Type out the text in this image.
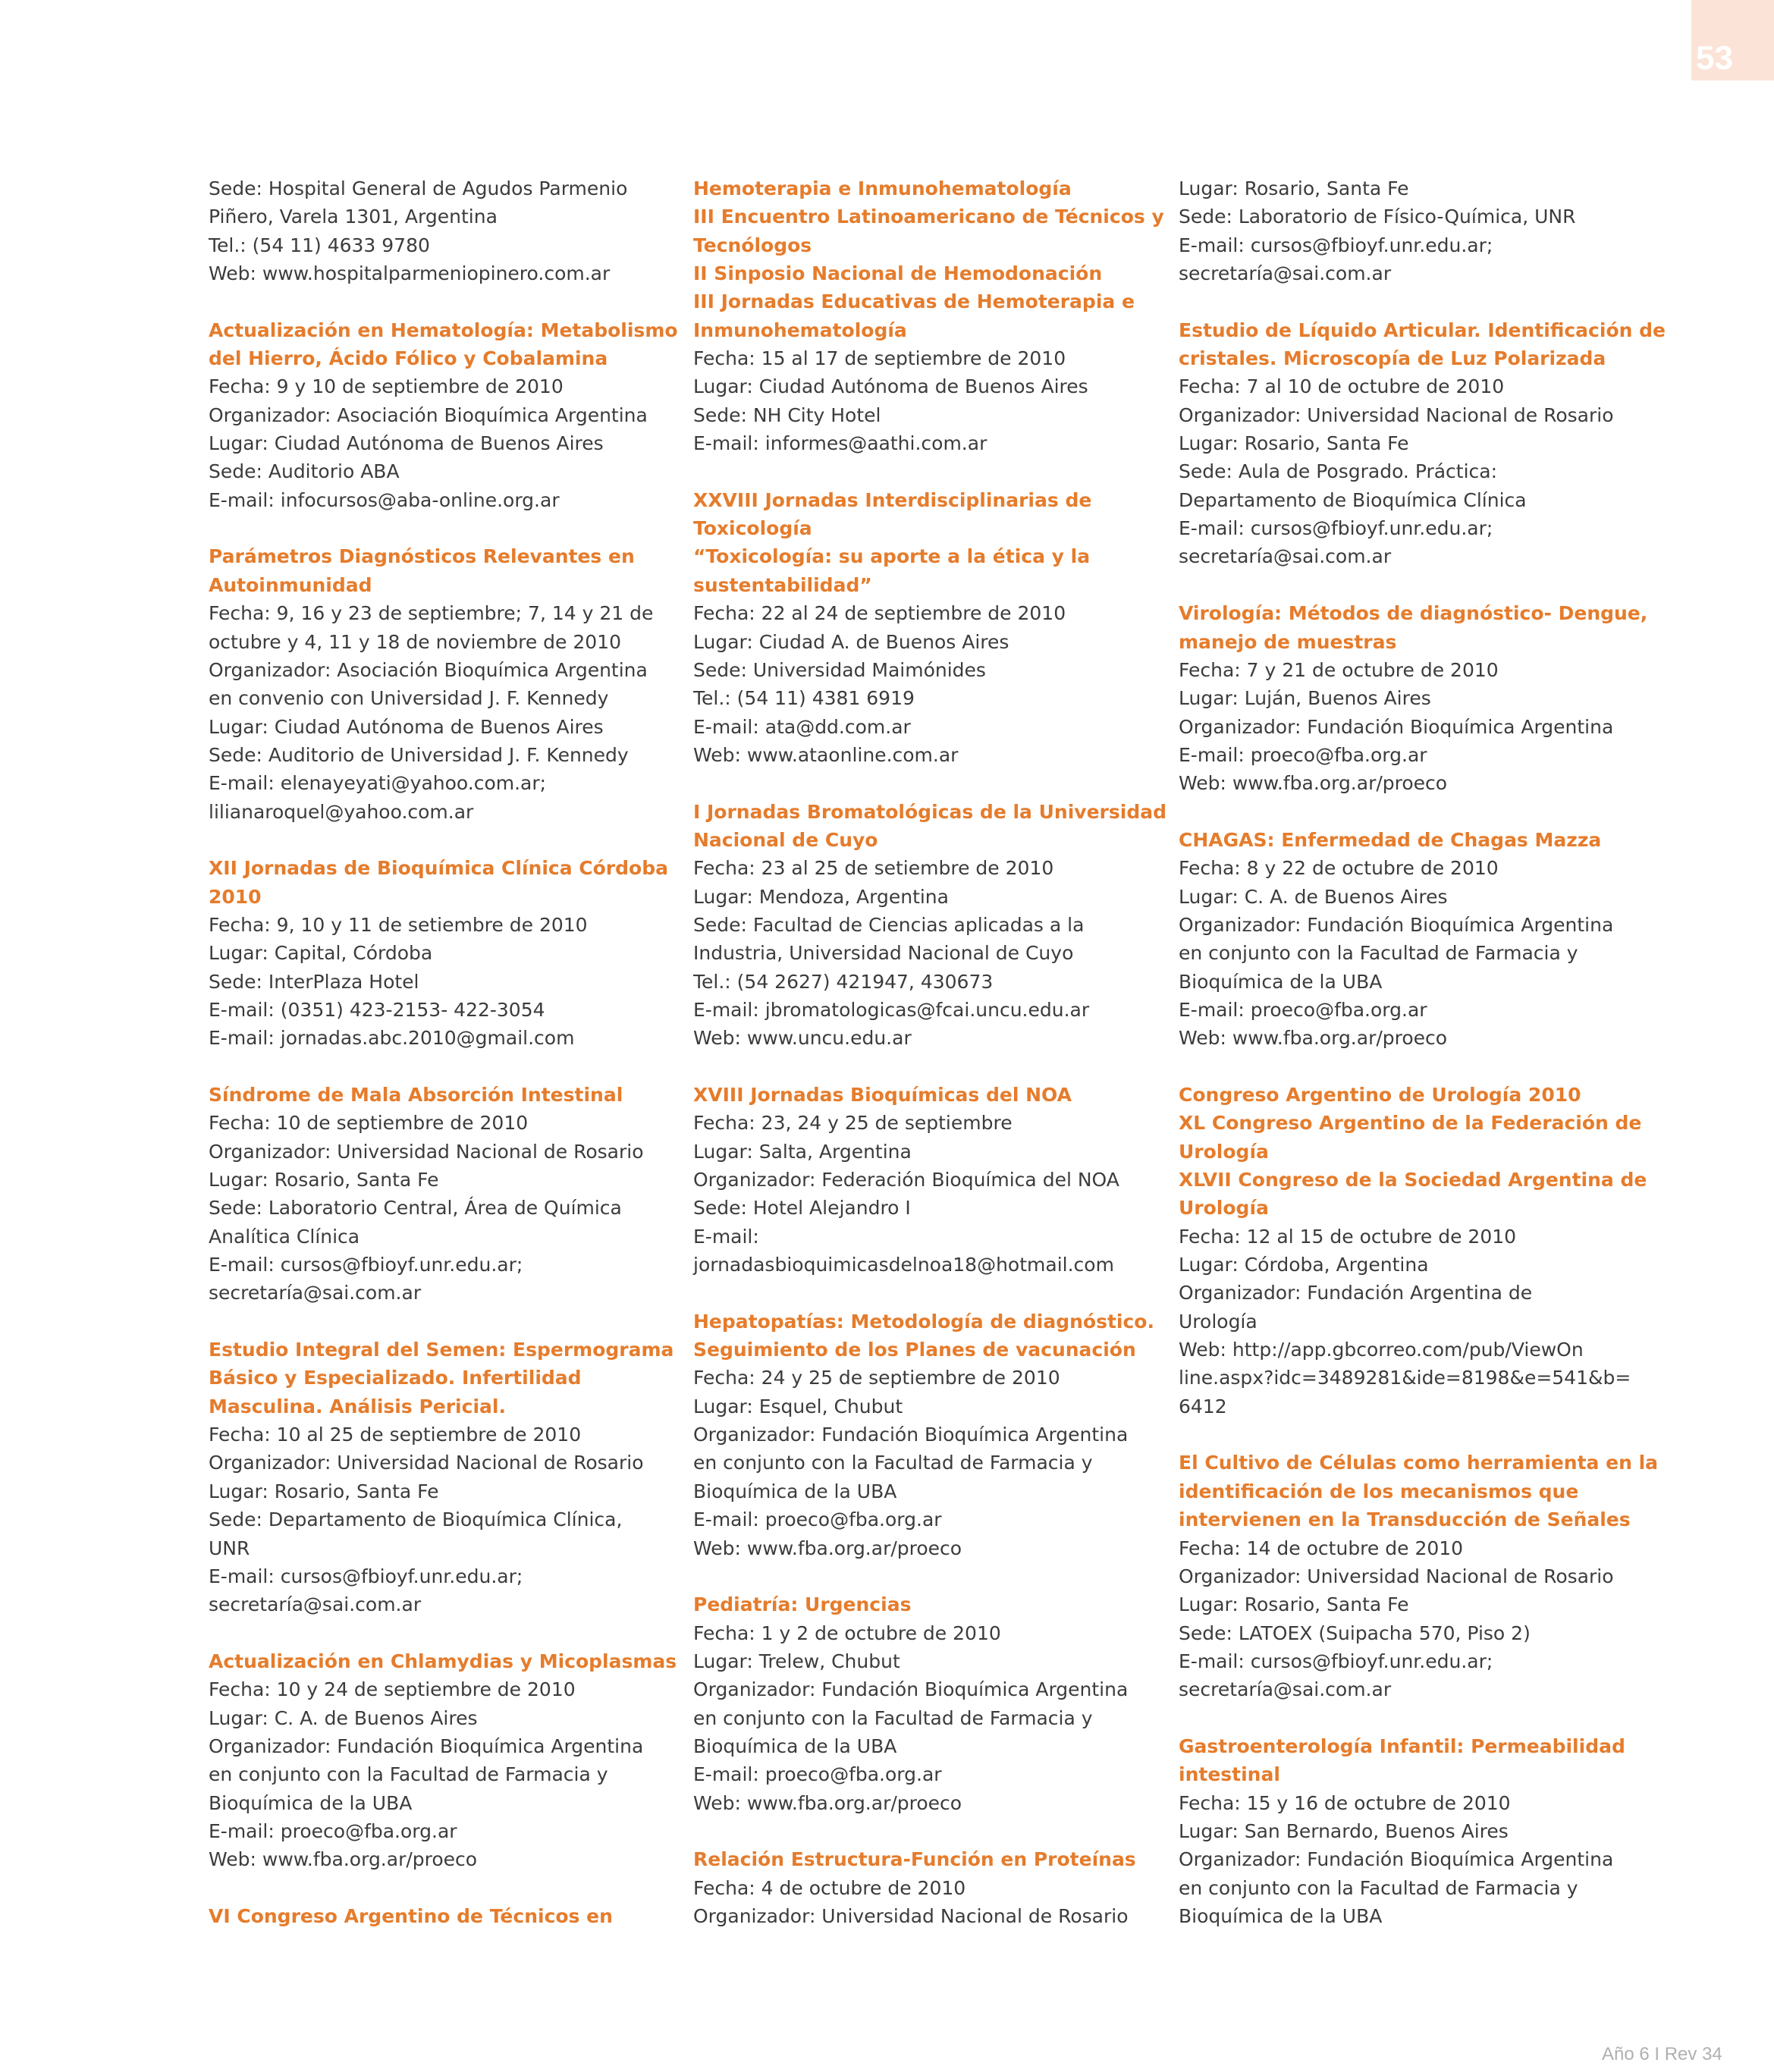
53
Sede: Hospital General de Agudos Parmenio
Piñero, Varela 1301, Argentina
Tel.: (54 11) 4633 9780
Web: www.hospitalparmeniopinero.com.ar
Actualización en Hematología: Metabolismo
del Hierro, Ácido Fólico y Cobalamina
Fecha: 9 y 10 de septiembre de 2010
Organizador: Asociación Bioquímica Argentina
Lugar: Ciudad Autónoma de Buenos Aires
Sede: Auditorio ABA
E-mail: infocursos@aba-online.org.ar
Parámetros Diagnósticos Relevantes en
Autoinmunidad
Fecha: 9, 16 y 23 de septiembre; 7, 14 y 21 de
octubre y 4, 11 y 18 de noviembre de 2010
Organizador: Asociación Bioquímica Argentina
en convenio con Universidad J. F. Kennedy
Lugar: Ciudad Autónoma de Buenos Aires
Sede: Auditorio de Universidad J. F. Kennedy
E-mail: elenayeyati@yahoo.com.ar;
lilianaroquel@yahoo.com.ar
XII Jornadas de Bioquímica Clínica Córdoba
2010
Fecha: 9, 10 y 11 de setiembre de 2010
Lugar: Capital, Córdoba
Sede: InterPlaza Hotel
E-mail: (0351) 423-2153- 422-3054
E-mail: jornadas.abc.2010@gmail.com
Síndrome de Mala Absorción Intestinal
Fecha: 10 de septiembre de 2010
Organizador: Universidad Nacional de Rosario
Lugar: Rosario, Santa Fe
Sede: Laboratorio Central, Área de Química
Analítica Clínica
E-mail: cursos@fbioyf.unr.edu.ar;
secretaría@sai.com.ar
Estudio Integral del Semen: Espermograma
Básico y Especializado. Infertilidad
Masculina. Análisis Pericial.
Fecha: 10 al 25 de septiembre de 2010
Organizador: Universidad Nacional de Rosario
Lugar: Rosario, Santa Fe
Sede: Departamento de Bioquímica Clínica,
UNR
E-mail: cursos@fbioyf.unr.edu.ar;
secretaría@sai.com.ar
Actualización en Chlamydias y Micoplasmas
Fecha: 10 y 24 de septiembre de 2010
Lugar: C. A. de Buenos Aires
Organizador: Fundación Bioquímica Argentina
en conjunto con la Facultad de Farmacia y
Bioquímica de la UBA
E-mail: proeco@fba.org.ar
Web: www.fba.org.ar/proeco
VI Congreso Argentino de Técnicos en
Hemoterapia e Inmunohematología
III Encuentro Latinoamericano de Técnicos y
Tecnólogos
II Sinposio Nacional de Hemodonación
III Jornadas Educativas de Hemoterapia e
Inmunohematología
Fecha: 15 al 17 de septiembre de 2010
Lugar: Ciudad Autónoma de Buenos Aires
Sede: NH City Hotel
E-mail: informes@aathi.com.ar
XXVIII Jornadas Interdisciplinarias de
Toxicología
“Toxicología: su aporte a la ética y la
sustentabilidad”
Fecha: 22 al 24 de septiembre de 2010
Lugar: Ciudad A. de Buenos Aires
Sede: Universidad Maimónides
Tel.: (54 11) 4381 6919
E-mail: ata@dd.com.ar
Web: www.ataonline.com.ar
I Jornadas Bromatológicas de la Universidad
Nacional de Cuyo
Fecha: 23 al 25 de setiembre de 2010
Lugar: Mendoza, Argentina
Sede: Facultad de Ciencias aplicadas a la
Industria, Universidad Nacional de Cuyo
Tel.: (54 2627) 421947, 430673
E-mail: jbromatologicas@fcai.uncu.edu.ar
Web: www.uncu.edu.ar
XVIII Jornadas Bioquímicas del NOA
Fecha: 23, 24 y 25 de septiembre
Lugar: Salta, Argentina
Organizador: Federación Bioquímica del NOA
Sede: Hotel Alejandro I
E-mail:
jornadasbioquimicasdelnoa18@hotmail.com
Hepatopatías: Metodología de diagnóstico.
Seguimiento de los Planes de vacunación
Fecha: 24 y 25 de septiembre de 2010
Lugar: Esquel, Chubut
Organizador: Fundación Bioquímica Argentina
en conjunto con la Facultad de Farmacia y
Bioquímica de la UBA
E-mail: proeco@fba.org.ar
Web: www.fba.org.ar/proeco
Pediatría: Urgencias
Fecha: 1 y 2 de octubre de 2010
Lugar: Trelew, Chubut
Organizador: Fundación Bioquímica Argentina
en conjunto con la Facultad de Farmacia y
Bioquímica de la UBA
E-mail: proeco@fba.org.ar
Web: www.fba.org.ar/proeco
Relación Estructura-Función en Proteínas
Fecha: 4 de octubre de 2010
Organizador: Universidad Nacional de Rosario
Lugar: Rosario, Santa Fe
Sede: Laboratorio de Físico-Química, UNR
E-mail: cursos@fbioyf.unr.edu.ar;
secretaría@sai.com.ar
Estudio de Líquido Articular. Identificación de
cristales. Microscopía de Luz Polarizada
Fecha: 7 al 10 de octubre de 2010
Organizador: Universidad Nacional de Rosario
Lugar: Rosario, Santa Fe
Sede: Aula de Posgrado. Práctica:
Departamento de Bioquímica Clínica
E-mail: cursos@fbioyf.unr.edu.ar;
secretaría@sai.com.ar
Virología: Métodos de diagnóstico- Dengue,
manejo de muestras
Fecha: 7 y 21 de octubre de 2010
Lugar: Luján, Buenos Aires
Organizador: Fundación Bioquímica Argentina
E-mail: proeco@fba.org.ar
Web: www.fba.org.ar/proeco
CHAGAS: Enfermedad de Chagas Mazza
Fecha: 8 y 22 de octubre de 2010
Lugar: C. A. de Buenos Aires
Organizador: Fundación Bioquímica Argentina
en conjunto con la Facultad de Farmacia y
Bioquímica de la UBA
E-mail: proeco@fba.org.ar
Web: www.fba.org.ar/proeco
Congreso Argentino de Urología 2010
XL Congreso Argentino de la Federación de
Urología
XLVII Congreso de la Sociedad Argentina de
Urología
Fecha: 12 al 15 de octubre de 2010
Lugar: Córdoba, Argentina
Organizador: Fundación Argentina de
Urología
Web: http://app.gbcorreo.com/pub/ViewOn
line.aspx?idc=3489281&ide=8198&e=541&b=
6412
El Cultivo de Células como herramienta en la
identificación de los mecanismos que
intervienen en la Transducción de Señales
Fecha: 14 de octubre de 2010
Organizador: Universidad Nacional de Rosario
Lugar: Rosario, Santa Fe
Sede: LATOEX (Suipacha 570, Piso 2)
E-mail: cursos@fbioyf.unr.edu.ar;
secretaría@sai.com.ar
Gastroenterología Infantil: Permeabilidad
intestinal
Fecha: 15 y 16 de octubre de 2010
Lugar: San Bernardo, Buenos Aires
Organizador: Fundación Bioquímica Argentina
en conjunto con la Facultad de Farmacia y
Bioquímica de la UBA
Año 6 I Rev 34
